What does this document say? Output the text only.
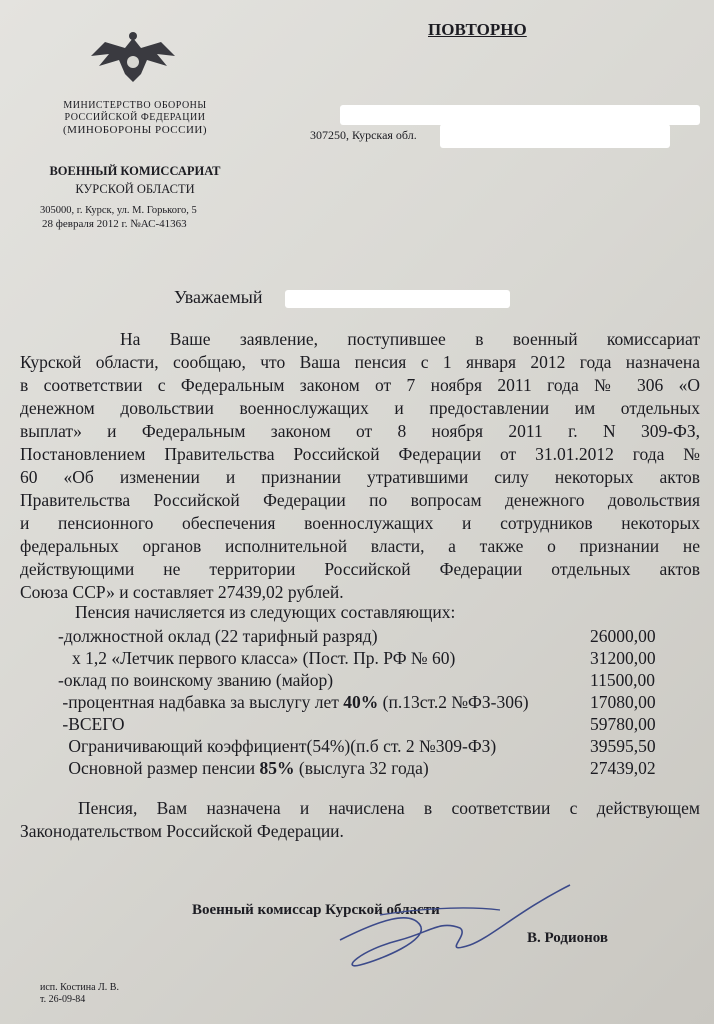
ПОВТОРНО
МИНИСТЕРСТВО ОБОРОНЫ
РОССИЙСКОЙ ФЕДЕРАЦИИ
(МИНОБОРОНЫ РОССИИ)
ВОЕННЫЙ КОМИССАРИАТ
КУРСКОЙ ОБЛАСТИ
305000, г. Курск, ул. М. Горького, 5
28 февраля 2012 г. №АС-41363
307250, Курская обл.
Уважаемый
На Ваше заявление, поступившее в военный комиссариат
Курской области, сообщаю, что Ваша пенсия с 1 января 2012 года назначена
в соответствии с Федеральным законом от 7 ноября 2011 года № 306 «О
денежном довольствии военнослужащих и предоставлении им отдельных
выплат» и Федеральным законом от 8 ноября 2011 г. N 309-ФЗ,
Постановлением Правительства Российской Федерации от 31.01.2012 года №
60 «Об изменении и признании утратившими силу некоторых актов
Правительства Российской Федерации по вопросам денежного довольствия
и пенсионного обеспечения военнослужащих и сотрудников некоторых
федеральных органов исполнительной власти, а также о признании не
действующими не территории Российской Федерации отдельных актов
Союза ССР» и составляет 27439,02 рублей.
Пенсия начисляется из следующих составляющих:
-должностной оклад (22 тарифный разряд)	26000,00
х 1,2 «Летчик первого класса» (Пост. Пр. РФ № 60)	31200,00
-оклад по воинскому званию (майор)	11500,00
-процентная надбавка за выслугу лет 40% (п.13ст.2 №ФЗ-306)	17080,00
-ВСЕГО	59780,00
Ограничивающий коэффициент(54%)(п.б ст. 2 №309-ФЗ)	39595,50
Основной размер пенсии 85% (выслуга 32 года)	27439,02
Пенсия, Вам назначена и начислена в соответствии с действующем
Законодательством Российской Федерации.
Военный комиссар Курской области
В. Родионов
исп. Костина Л. В.
т. 26-09-84
